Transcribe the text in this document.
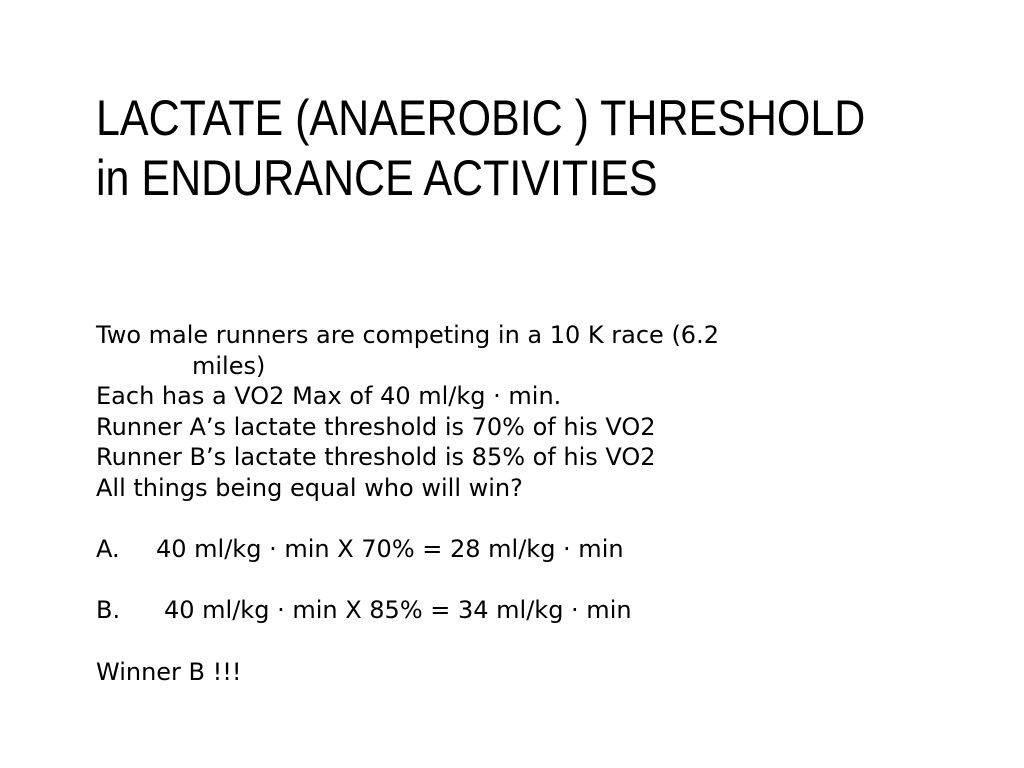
LACTATE (ANAEROBIC ) THRESHOLD
in ENDURANCE ACTIVITIES
Two male runners are competing in a 10 K race (6.2
miles)
Each has a VO2 Max of 40 ml/kg · min.
Runner A’s lactate threshold is 70% of his VO2
Runner B’s lactate threshold is 85% of his VO2
All things being equal who will win?
A. 40 ml/kg · min X 70% = 28 ml/kg · min
B. 40 ml/kg · min X 85% = 34 ml/kg · min
Winner B !!!
